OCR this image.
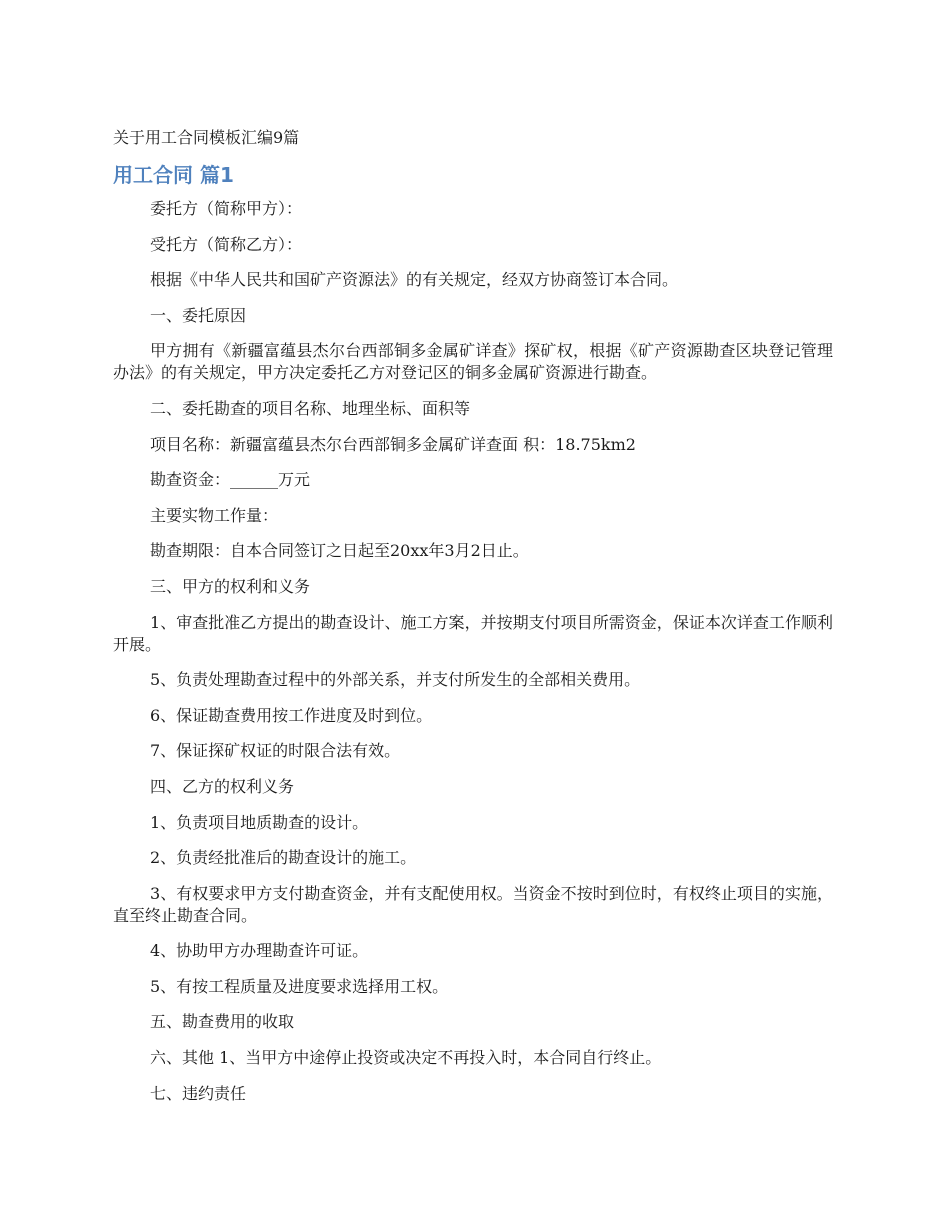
关于用工合同模板汇编9篇
用工合同 篇1

委托方（简称甲方）：

受托方（简称乙方）：

根据《中华人民共和国矿产资源法》的有关规定，经双方协商签订本合同。

一、委托原因

甲方拥有《新疆富蕴县杰尔台西部铜多金属矿详查》探矿权，根据《矿产资源勘查区块登记管理办法》的有关规定，甲方决定委托乙方对登记区的铜多金属矿资源进行勘查。

二、委托勘查的项目名称、地理坐标、面积等

项目名称：新疆富蕴县杰尔台西部铜多金属矿详查面 积：18.75km2

勘查资金：______万元

主要实物工作量：

勘查期限：自本合同签订之日起至20xx年3月2日止。

三、甲方的权利和义务

1、审查批准乙方提出的勘查设计、施工方案，并按期支付项目所需资金，保证本次详查工作顺利开展。

5、负责处理勘查过程中的外部关系，并支付所发生的全部相关费用。

6、保证勘查费用按工作进度及时到位。

7、保证探矿权证的时限合法有效。

四、乙方的权利义务

1、负责项目地质勘查的设计。

2、负责经批准后的勘查设计的施工。

3、有权要求甲方支付勘查资金，并有支配使用权。当资金不按时到位时，有权终止项目的实施，直至终止勘查合同。

4、协助甲方办理勘查许可证。

5、有按工程质量及进度要求选择用工权。

五、勘查费用的收取

六、其他 1、当甲方中途停止投资或决定不再投入时，本合同自行终止。

七、违约责任
